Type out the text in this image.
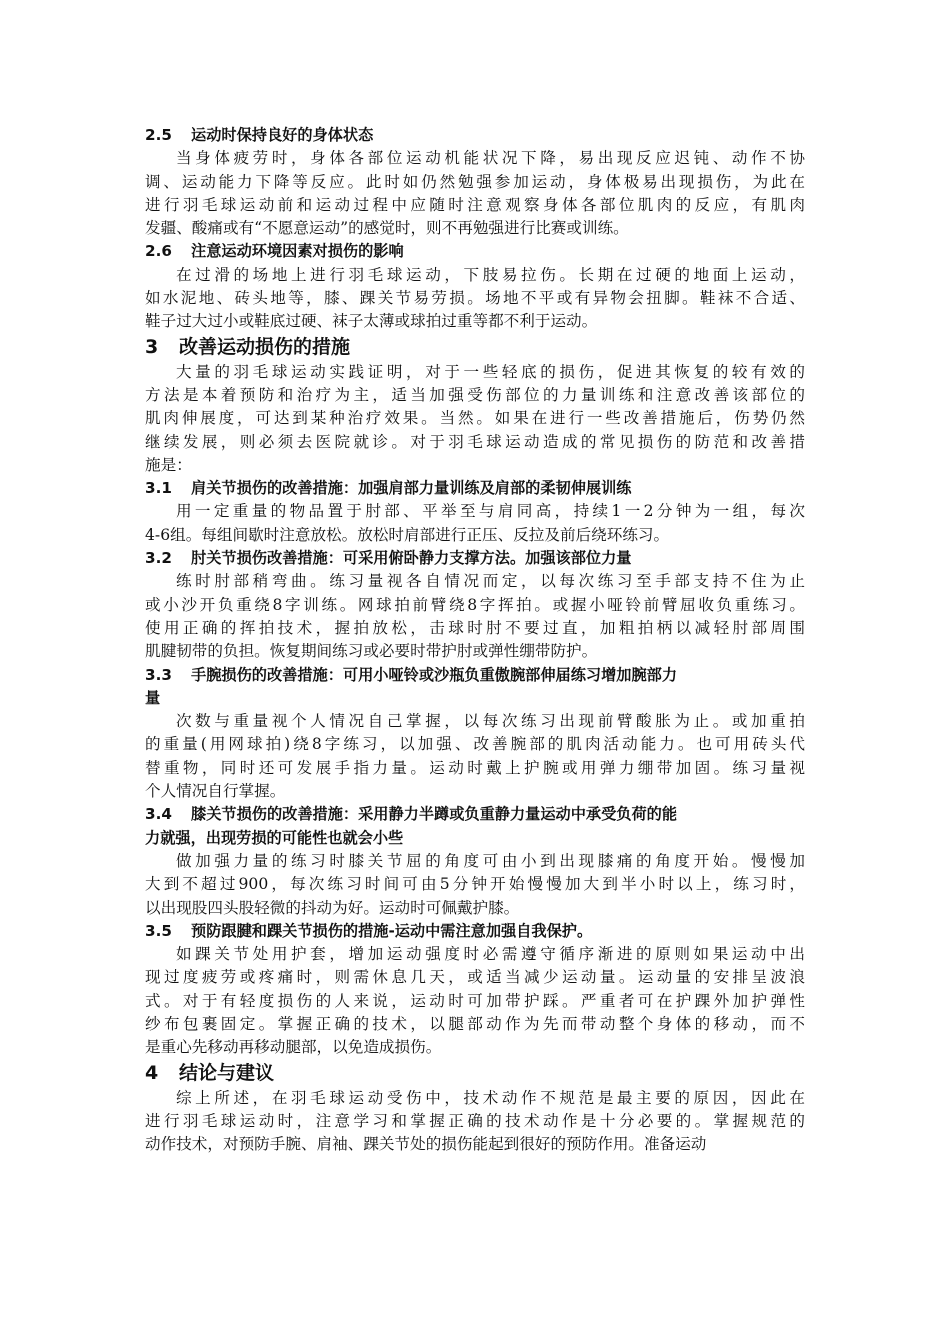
2.5 运动时保持良好的身体状态
当身体疲劳时，身体各部位运动机能状况下降，易出现反应迟钝、动作不协
调、运动能力下降等反应。此时如仍然勉强参加运动，身体极易出现损伤，为此在
进行羽毛球运动前和运动过程中应随时注意观察身体各部位肌肉的反应，有肌肉
发疆、酸痛或有“不愿意运动”的感觉时，则不再勉强进行比赛或训练。
2.6 注意运动环境因素对损伤的影响
在过滑的场地上进行羽毛球运动，下肢易拉伤。长期在过硬的地面上运动，
如水泥地、砖头地等，膝、踝关节易劳损。场地不平或有异物会扭脚。鞋袜不合适、
鞋子过大过小或鞋底过硬、袜子太薄或球拍过重等都不利于运动。
3 改善运动损伤的措施
大量的羽毛球运动实践证明，对于一些轻底的损伤，促进其恢复的较有效的
方法是本着预防和治疗为主，适当加强受伤部位的力量训练和注意改善该部位的
肌肉伸展度，可达到某种治疗效果。当然。如果在进行一些改善措施后，伤势仍然
继续发展，则必须去医院就诊。对于羽毛球运动造成的常见损伤的防范和改善措
施是：
3.1 肩关节损伤的改善措施：加强肩部力量训练及肩部的柔韧伸展训练
用一定重量的物品置于肘部、平举至与肩同高，持续1一2分钟为一组，每次
4-6组。每组间歇时注意放松。放松时肩部进行正压、反拉及前后绕环练习。
3.2 肘关节损伤改善措施：可采用俯卧静力支撑方法。加强该部位力量
练时肘部稍弯曲。练习量视各自情况而定，以每次练习至手部支持不住为止
或小沙开负重绕8字训练。网球拍前臂绕8字挥拍。或握小哑铃前臂屈收负重练习。
使用正确的挥拍技术，握拍放松，击球时肘不要过直，加粗拍柄以减轻肘部周围
肌腱韧带的负担。恢复期间练习或必要时带护肘或弹性绷带防护。
3.3 手腕损伤的改善措施：可用小哑铃或沙瓶负重傲腕部伸届练习增加腕部力
量
次数与重量视个人情况自己掌握，以每次练习出现前臂酸胀为止。或加重拍
的重量(用网球拍)绕8字练习，以加强、改善腕部的肌肉活动能力。也可用砖头代
替重物，同时还可发展手指力量。运动时戴上护腕或用弹力绷带加固。练习量视
个人情况自行掌握。
3.4 膝关节损伤的改善措施：采用静力半蹲或负重静力量运动中承受负荷的能
力就强，出现劳损的可能性也就会小些
做加强力量的练习时膝关节屈的角度可由小到出现膝痛的角度开始。慢慢加
大到不超过900，每次练习时间可由5分钟开始慢慢加大到半小时以上，练习时，
以出现股四头股轻微的抖动为好。运动时可佩戴护膝。
3.5 预防跟腱和踝关节损伤的措施-运动中需注意加强自我保护。
如踝关节处用护套，增加运动强度时必需遵守循序渐进的原则如果运动中出
现过度疲劳或疼痛时，则需休息几天，或适当减少运动量。运动量的安排呈波浪
式。对于有轻度损伤的人来说，运动时可加带护踩。严重者可在护踝外加护弹性
纱布包裹固定。掌握正确的技术，以腿部动作为先而带动整个身体的移动，而不
是重心先移动再移动腿部，以免造成损伤。
4 结论与建议
综上所述，在羽毛球运动受伤中，技术动作不规范是最主要的原因，因此在
进行羽毛球运动时，注意学习和掌握正确的技术动作是十分必要的。掌握规范的
动作技术，对预防手腕、肩袖、踝关节处的损伤能起到很好的预防作用。准备运动
